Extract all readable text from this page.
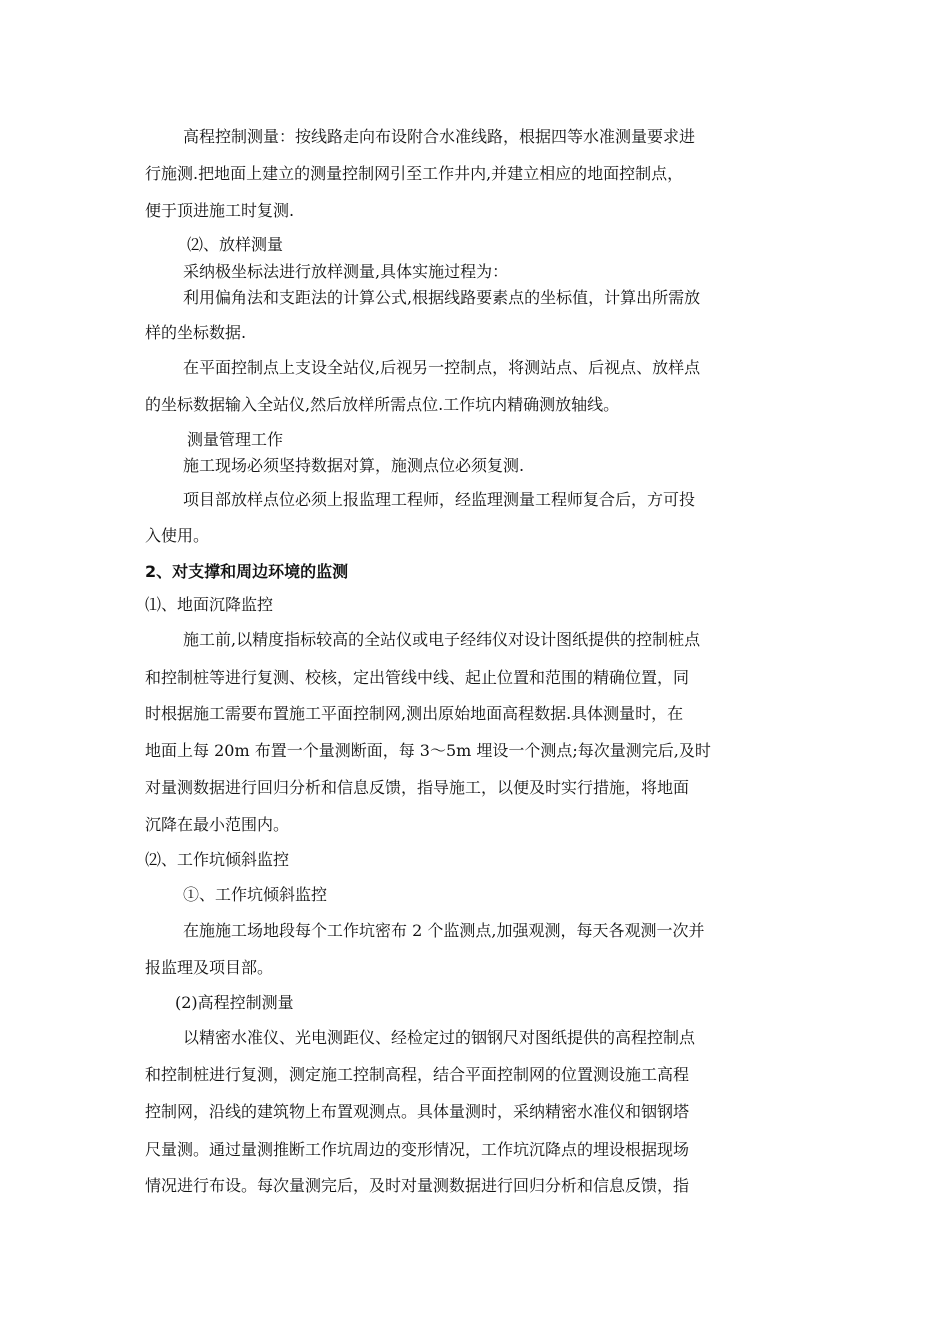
高程控制测量：按线路走向布设附合水准线路，根据四等水准测量要求进
行施测.把地面上建立的测量控制网引至工作井内,并建立相应的地面控制点，
便于顶进施工时复测.
⑵、放样测量
采纳极坐标法进行放样测量,具体实施过程为：
利用偏角法和支距法的计算公式,根据线路要素点的坐标值，计算出所需放
样的坐标数据.
在平面控制点上支设全站仪,后视另一控制点，将测站点、后视点、放样点
的坐标数据输入全站仪,然后放样所需点位.工作坑内精确测放轴线。
测量管理工作
施工现场必须坚持数据对算，施测点位必须复测.
项目部放样点位必须上报监理工程师，经监理测量工程师复合后，方可投
入使用。
2、对支撑和周边环境的监测
⑴、地面沉降监控
施工前,以精度指标较高的全站仪或电子经纬仪对设计图纸提供的控制桩点
和控制桩等进行复测、校核，定出管线中线、起止位置和范围的精确位置，同
时根据施工需要布置施工平面控制网,测出原始地面高程数据.具体测量时，在
地面上每 20m 布置一个量测断面，每 3～5m 埋设一个测点;每次量测完后,及时
对量测数据进行回归分析和信息反馈，指导施工，以便及时实行措施，将地面
沉降在最小范围内。
⑵、工作坑倾斜监控
①、工作坑倾斜监控
在施施工场地段每个工作坑密布 2 个监测点,加强观测，每天各观测一次并
报监理及项目部。
(2)高程控制测量
以精密水准仪、光电测距仪、经检定过的铟钢尺对图纸提供的高程控制点
和控制桩进行复测，测定施工控制高程，结合平面控制网的位置测设施工高程
控制网，沿线的建筑物上布置观测点。具体量测时，采纳精密水准仪和铟钢塔
尺量测。通过量测推断工作坑周边的变形情况，工作坑沉降点的埋设根据现场
情况进行布设。每次量测完后，及时对量测数据进行回归分析和信息反馈，指
